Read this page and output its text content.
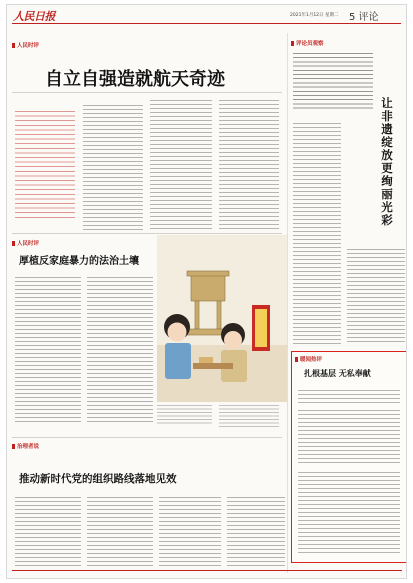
人民日报	2021年1月12日 星期二 5 评论
人民时评
自立自强造就航天奇迹
人民时评
厚植反家庭暴力的法治土壤
治理者说
推动新时代党的组织路线落地见效
评论员观察
让非遗绽放更绚丽光彩
暖闻热评
扎根基层 无私奉献
